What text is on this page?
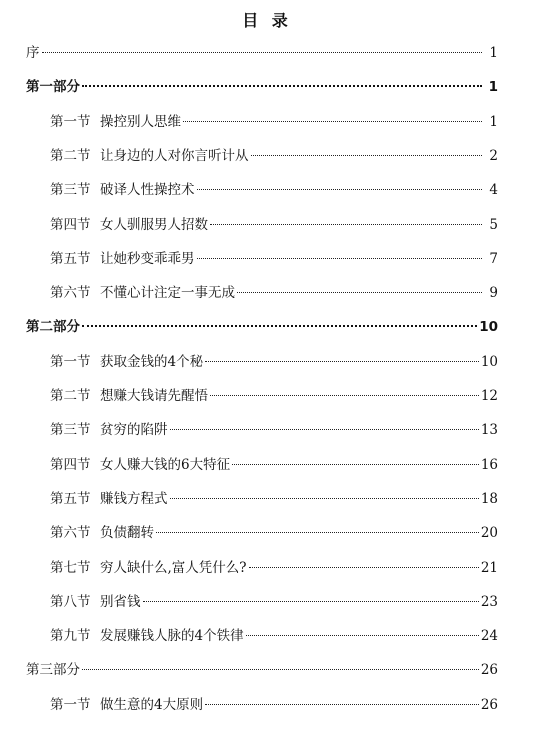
目 录
序	1
第一部分	1
第一节 操控别人思维	1
第二节 让身边的人对你言听计从	2
第三节 破译人性操控术	4
第四节 女人驯服男人招数	5
第五节 让她秒变乖乖男	7
第六节 不懂心计注定一事无成	9
第二部分	10
第一节 获取金钱的4个秘	10
第二节 想赚大钱请先醒悟	12
第三节 贫穷的陷阱	13
第四节 女人赚大钱的6大特征	16
第五节 赚钱方程式	18
第六节 负债翻转	20
第七节 穷人缺什么,富人凭什么?	21
第八节 别省钱	23
第九节 发展赚钱人脉的4个铁律	24
第三部分	26
第一节 做生意的4大原则	26
